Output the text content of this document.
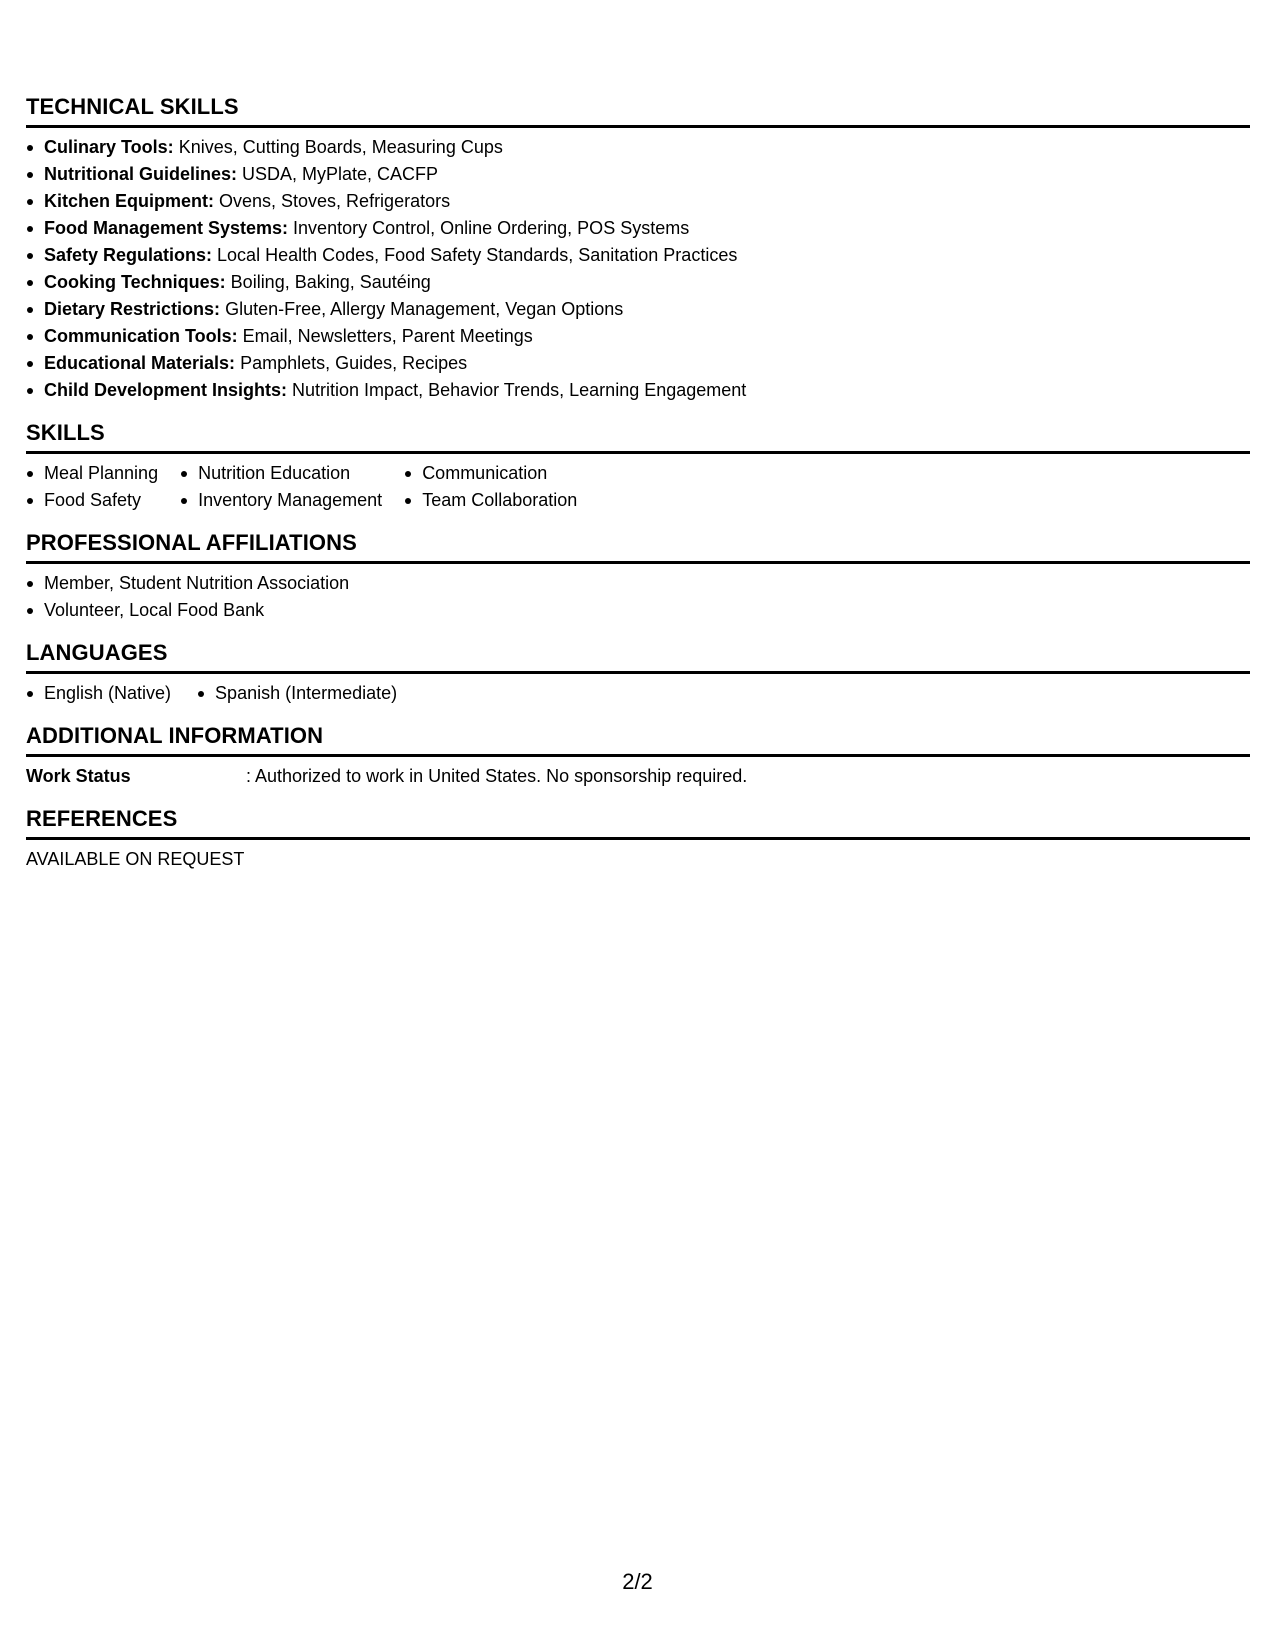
TECHNICAL SKILLS
Culinary Tools: Knives, Cutting Boards, Measuring Cups
Nutritional Guidelines: USDA, MyPlate, CACFP
Kitchen Equipment: Ovens, Stoves, Refrigerators
Food Management Systems: Inventory Control, Online Ordering, POS Systems
Safety Regulations: Local Health Codes, Food Safety Standards, Sanitation Practices
Cooking Techniques: Boiling, Baking, Sautéing
Dietary Restrictions: Gluten-Free, Allergy Management, Vegan Options
Communication Tools: Email, Newsletters, Parent Meetings
Educational Materials: Pamphlets, Guides, Recipes
Child Development Insights: Nutrition Impact, Behavior Trends, Learning Engagement
SKILLS
Meal Planning
Food Safety
Nutrition Education
Inventory Management
Communication
Team Collaboration
PROFESSIONAL AFFILIATIONS
Member, Student Nutrition Association
Volunteer, Local Food Bank
LANGUAGES
English (Native)	Spanish (Intermediate)
ADDITIONAL INFORMATION
Work Status	: Authorized to work in United States. No sponsorship required.
REFERENCES
AVAILABLE ON REQUEST
2/2
